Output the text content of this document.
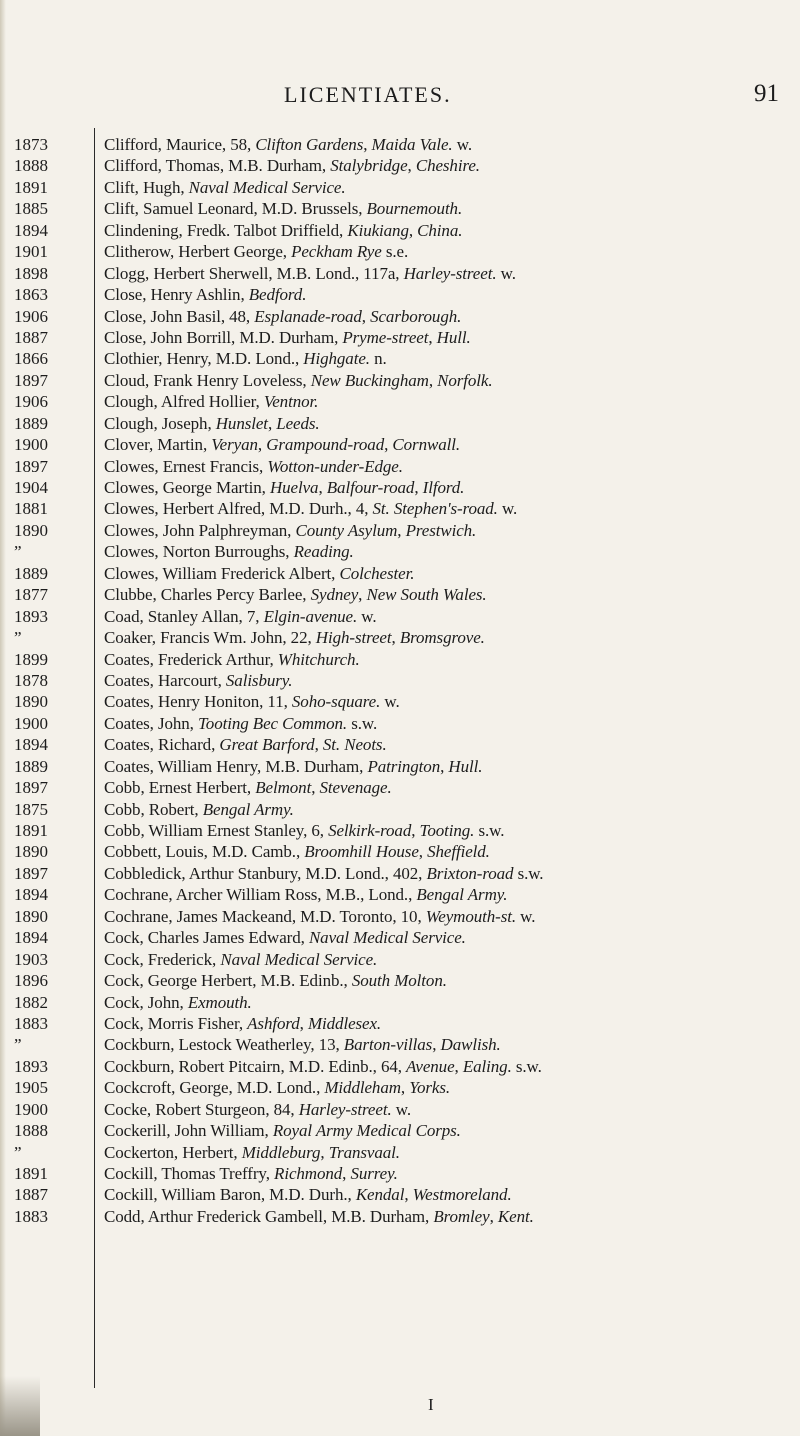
LICENTIATES.	91
1873	Clifford, Maurice, 58, Clifton Gardens, Maida Vale. w.
1888	Clifford, Thomas, M.B. Durham, Stalybridge, Cheshire.
1891	Clift, Hugh, Naval Medical Service.
1885	Clift, Samuel Leonard, M.D. Brussels, Bournemouth.
1894	Clindening, Fredk. Talbot Driffield, Kiukiang, China.
1901	Clitherow, Herbert George, Peckham Rye s.e.
1898	Clogg, Herbert Sherwell, M.B. Lond., 117a, Harley-street. w.
1863	Close, Henry Ashlin, Bedford.
1906	Close, John Basil, 48, Esplanade-road, Scarborough.
1887	Close, John Borrill, M.D. Durham, Pryme-street, Hull.
1866	Clothier, Henry, M.D. Lond., Highgate. n.
1897	Cloud, Frank Henry Loveless, New Buckingham, Norfolk.
1906	Clough, Alfred Hollier, Ventnor.
1889	Clough, Joseph, Hunslet, Leeds.
1900	Clover, Martin, Veryan, Grampound-road, Cornwall.
1897	Clowes, Ernest Francis, Wotton-under-Edge.
1904	Clowes, George Martin, Huelva, Balfour-road, Ilford.
1881	Clowes, Herbert Alfred, M.D. Durh., 4, St. Stephen's-road. w.
1890	Clowes, John Palphreyman, County Asylum, Prestwich.
”	Clowes, Norton Burroughs, Reading.
1889	Clowes, William Frederick Albert, Colchester.
1877	Clubbe, Charles Percy Barlee, Sydney, New South Wales.
1893	Coad, Stanley Allan, 7, Elgin-avenue. w.
”	Coaker, Francis Wm. John, 22, High-street, Bromsgrove.
1899	Coates, Frederick Arthur, Whitchurch.
1878	Coates, Harcourt, Salisbury.
1890	Coates, Henry Honiton, 11, Soho-square. w.
1900	Coates, John, Tooting Bec Common. s.w.
1894	Coates, Richard, Great Barford, St. Neots.
1889	Coates, William Henry, M.B. Durham, Patrington, Hull.
1897	Cobb, Ernest Herbert, Belmont, Stevenage.
1875	Cobb, Robert, Bengal Army.
1891	Cobb, William Ernest Stanley, 6, Selkirk-road, Tooting. s.w.
1890	Cobbett, Louis, M.D. Camb., Broomhill House, Sheffield.
1897	Cobbledick, Arthur Stanbury, M.D. Lond., 402, Brixton-road s.w.
1894	Cochrane, Archer William Ross, M.B., Lond., Bengal Army.
1890	Cochrane, James Mackeand, M.D. Toronto, 10, Weymouth-st. w.
1894	Cock, Charles James Edward, Naval Medical Service.
1903	Cock, Frederick, Naval Medical Service.
1896	Cock, George Herbert, M.B. Edinb., South Molton.
1882	Cock, John, Exmouth.
1883	Cock, Morris Fisher, Ashford, Middlesex.
”	Cockburn, Lestock Weatherley, 13, Barton-villas, Dawlish.
1893	Cockburn, Robert Pitcairn, M.D. Edinb., 64, Avenue, Ealing. s.w.
1905	Cockcroft, George, M.D. Lond., Middleham, Yorks.
1900	Cocke, Robert Sturgeon, 84, Harley-street. w.
1888	Cockerill, John William, Royal Army Medical Corps.
”	Cockerton, Herbert, Middleburg, Transvaal.
1891	Cockill, Thomas Treffry, Richmond, Surrey.
1887	Cockill, William Baron, M.D. Durh., Kendal, Westmoreland.
1883	Codd, Arthur Frederick Gambell, M.B. Durham, Bromley, Kent.
I
